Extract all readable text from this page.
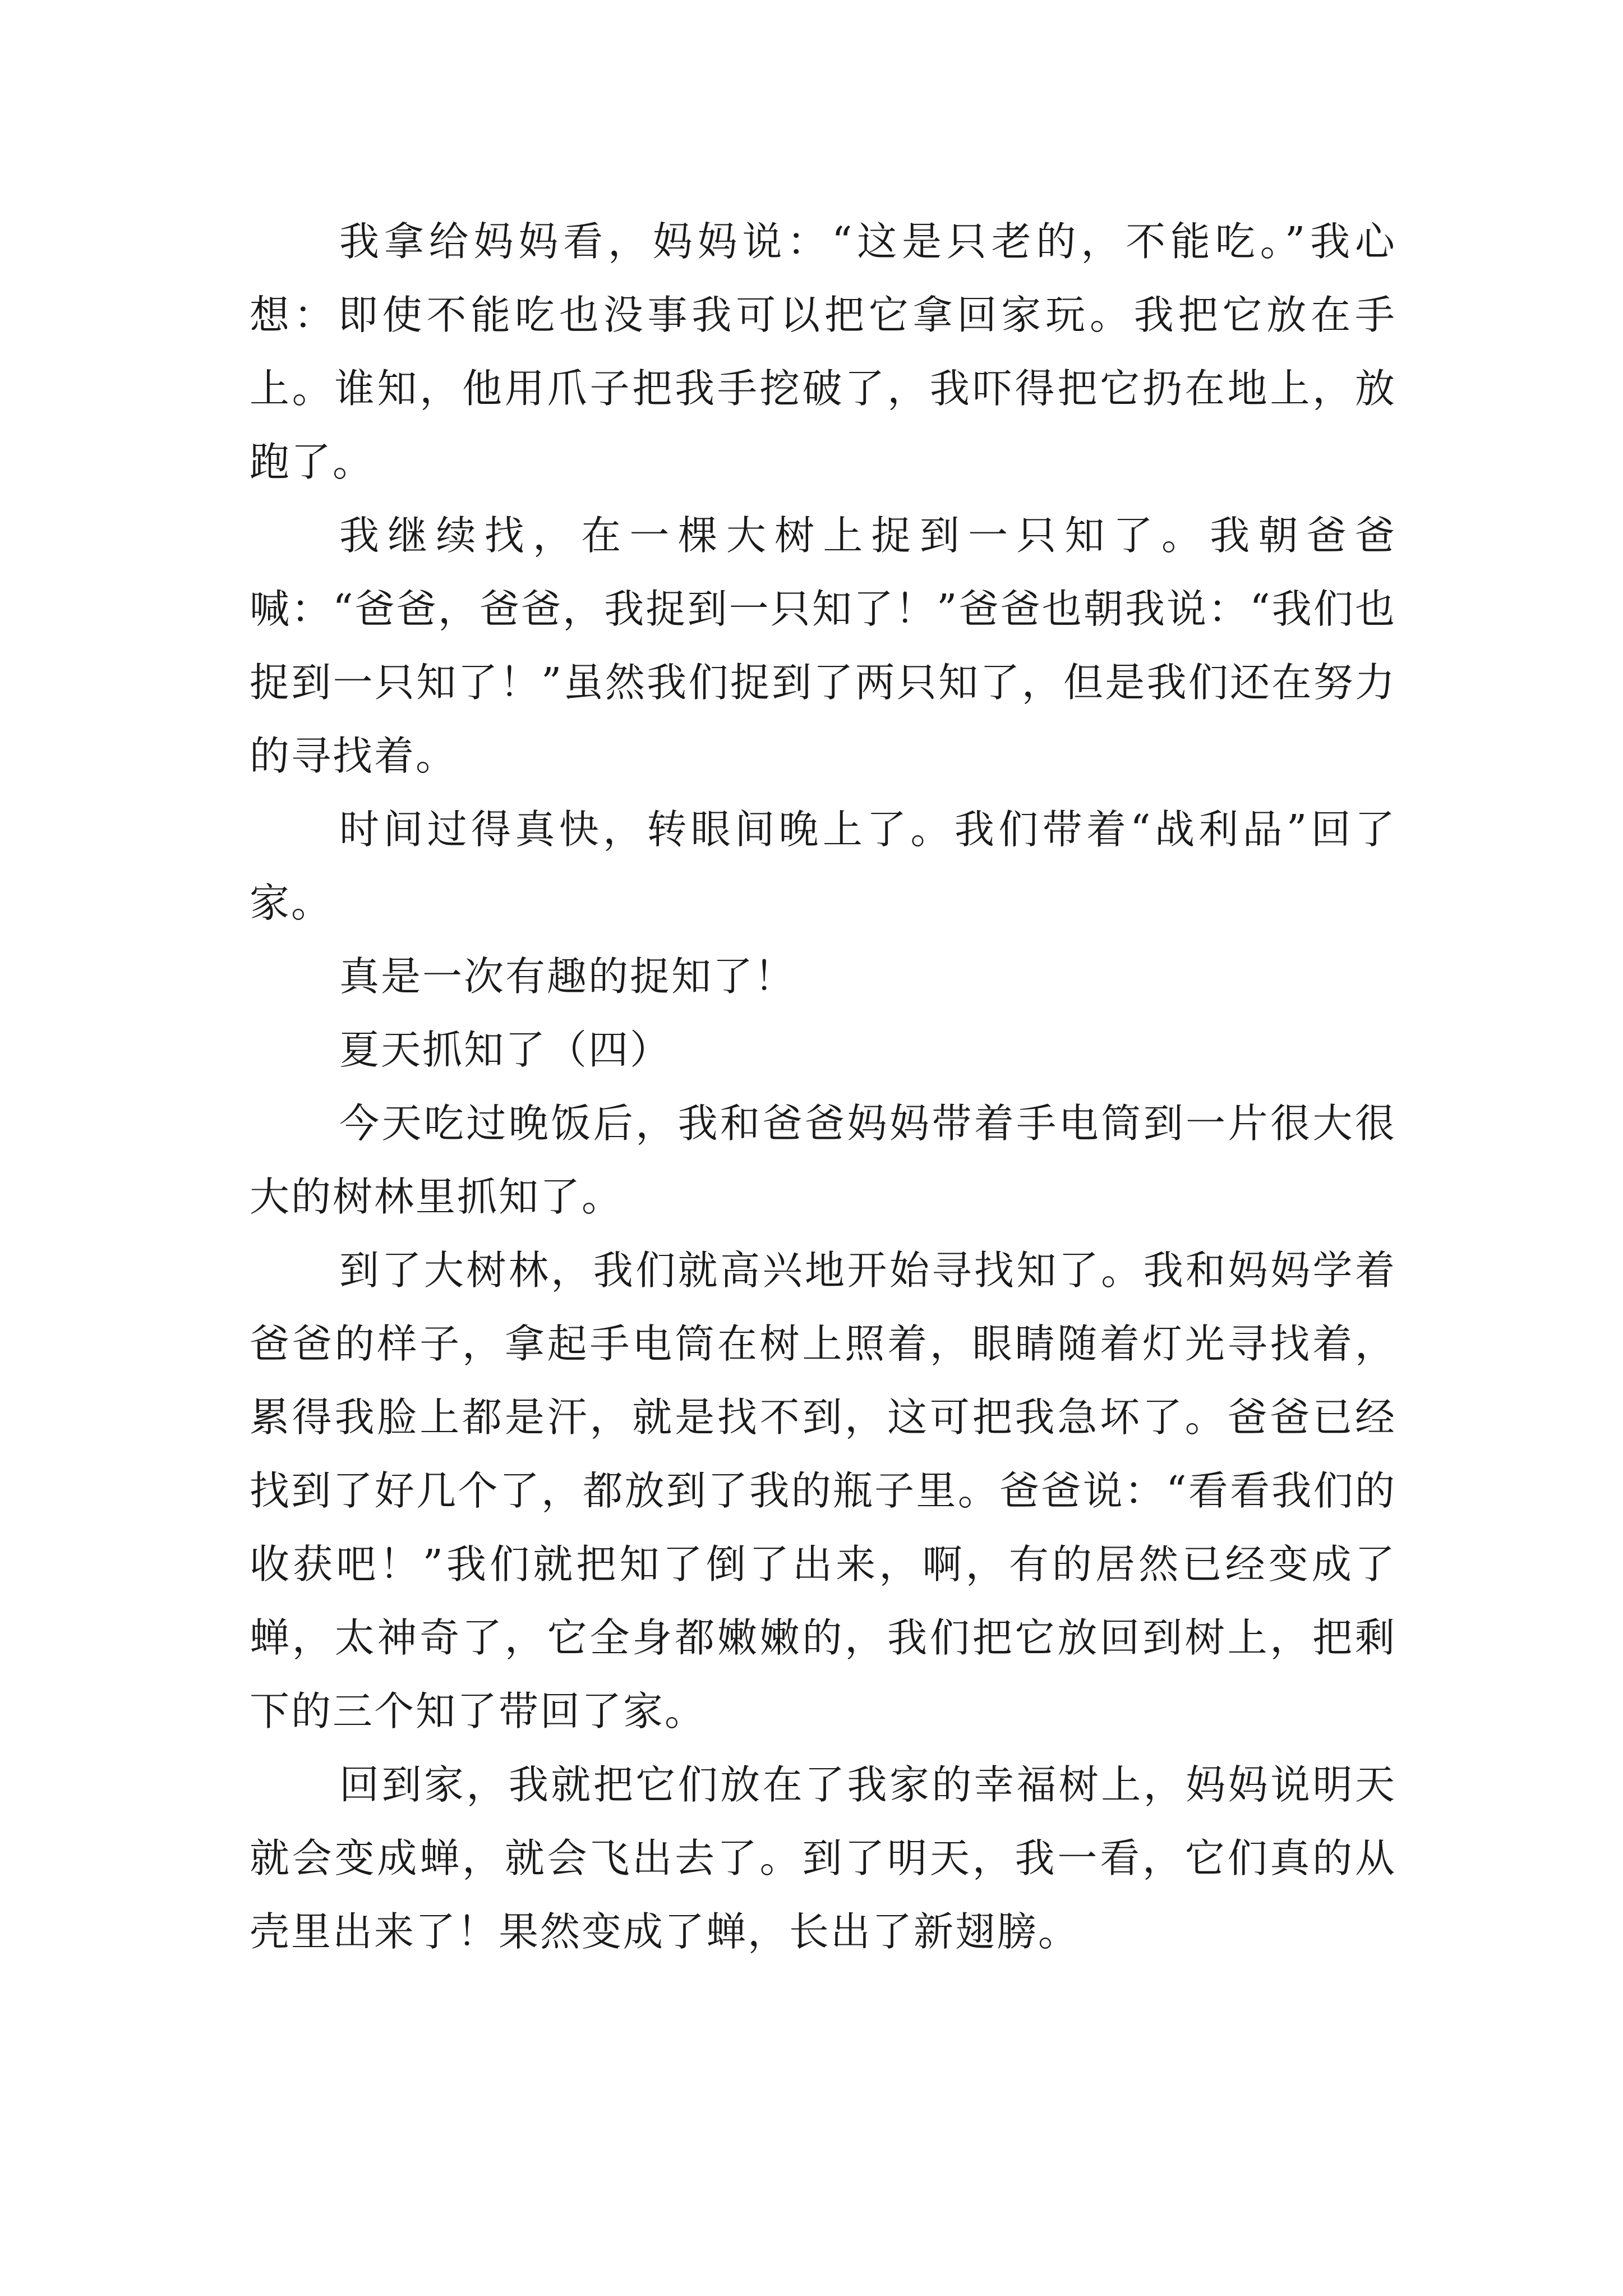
我拿给妈妈看，妈妈说：“这是只老的，不能吃。”我心想：即使不能吃也没事我可以把它拿回家玩。我把它放在手上。谁知，他用爪子把我手挖破了，我吓得把它扔在地上，放跑了。

我继续找，在一棵大树上捉到一只知了。我朝爸爸喊：“爸爸，爸爸，我捉到一只知了！”爸爸也朝我说：“我们也捉到一只知了！”虽然我们捉到了两只知了，但是我们还在努力的寻找着。

时间过得真快，转眼间晚上了。我们带着“战利品”回了家。

真是一次有趣的捉知了！

夏天抓知了（四）

今天吃过晚饭后，我和爸爸妈妈带着手电筒到一片很大很大的树林里抓知了。

到了大树林，我们就高兴地开始寻找知了。我和妈妈学着爸爸的样子，拿起手电筒在树上照着，眼睛随着灯光寻找着，累得我脸上都是汗，就是找不到，这可把我急坏了。爸爸已经找到了好几个了，都放到了我的瓶子里。爸爸说：“看看我们的收获吧！”我们就把知了倒了出来，啊，有的居然已经变成了蝉，太神奇了，它全身都嫩嫩的，我们把它放回到树上，把剩下的三个知了带回了家。

回到家，我就把它们放在了我家的幸福树上，妈妈说明天就会变成蝉，就会飞出去了。到了明天，我一看，它们真的从壳里出来了！果然变成了蝉，长出了新翅膀。
